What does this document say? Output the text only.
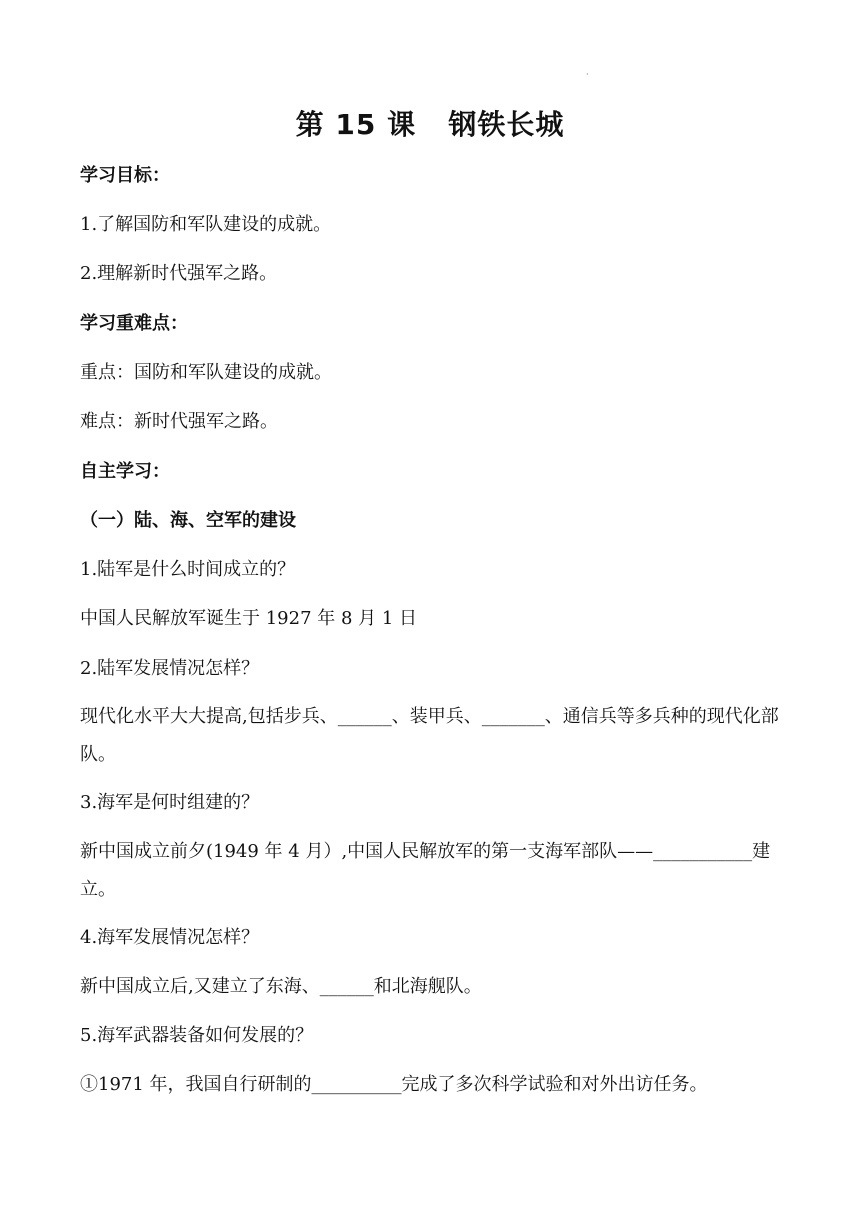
·
第 15 课   钢铁长城
学习目标：
1.了解国防和军队建设的成就。
2.理解新时代强军之路。
学习重难点：
重点：国防和军队建设的成就。
难点：新时代强军之路。
自主学习：
（一）陆、海、空军的建设
1.陆军是什么时间成立的？
中国人民解放军诞生于 1927 年 8 月 1 日
2.陆军发展情况怎样？
现代化水平大大提高,包括步兵、______、装甲兵、_______、通信兵等多兵种的现代化部队。
3.海军是何时组建的？
新中国成立前夕(1949 年 4 月）,中国人民解放军的第一支海军部队——___________建立。
4.海军发展情况怎样？
新中国成立后,又建立了东海、______和北海舰队。
5.海军武器装备如何发展的？
①1971 年，我国自行研制的__________完成了多次科学试验和对外出访任务。
